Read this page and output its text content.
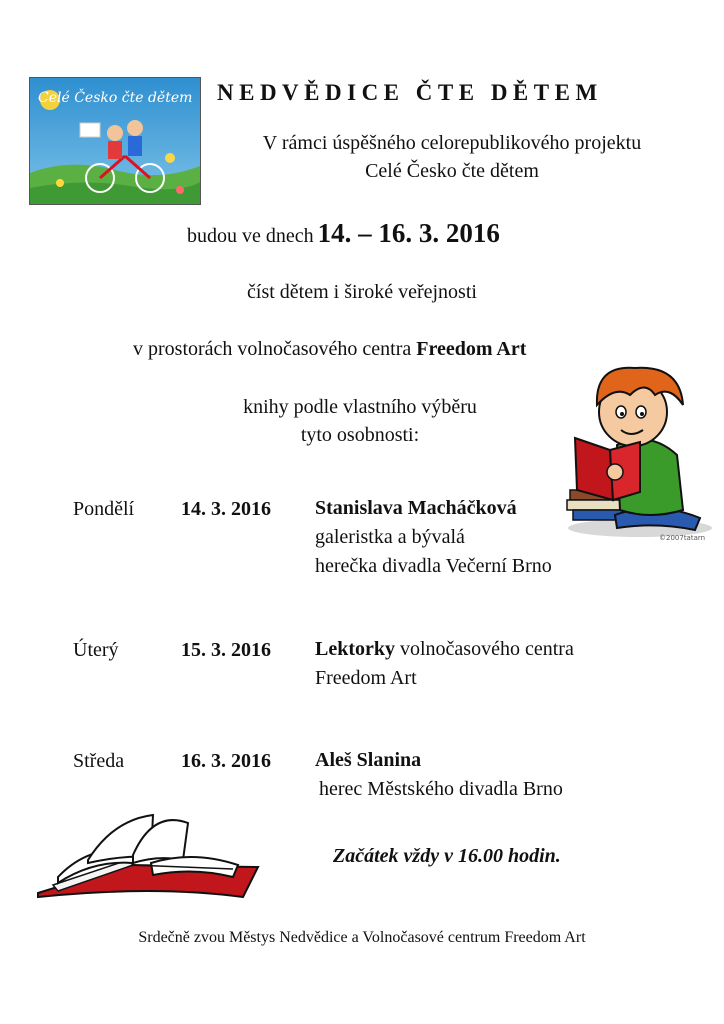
Celé Česko čte dětem NEDVĚDICE ČTE DĚTEM
V rámci úspěšného celorepublikového projektu
Celé Česko čte dětem
budou ve dnech 14. – 16. 3. 2016
číst dětem i široké veřejnosti
v prostorách volnočasového centra Freedom Art
knihy podle vlastního výběru
tyto osobnosti:
©2007tatarn
Pondělí 14. 3. 2016 Stanislava Macháčková
galeristka a bývalá
herečka divadla Večerní Brno
Úterý	15. 3. 2016 Lektorky volnočasového centra
Freedom Art
Středa	16. 3. 2016 Aleš Slanina
herec Městského divadla Brno
Začátek vždy v 16.00 hodin.
Srdečně zvou Městys Nedvědice a Volnočasové centrum Freedom Art
